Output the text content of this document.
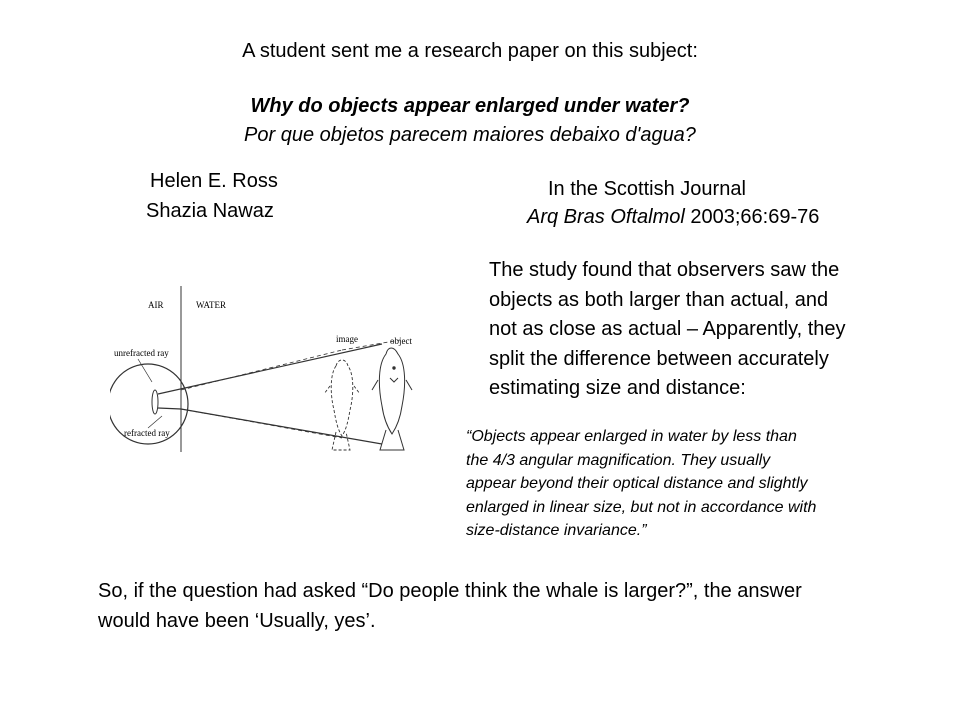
A student sent me a research paper on this subject:
Why do objects appear enlarged under water?
Por que objetos parecem maiores debaixo d'agua?
Helen E. Ross
Shazia Nawaz
In the Scottish Journal
Arq Bras Oftalmol 2003;66:69-76
AIR	WATER
unrefracted ray
refracted ray
image	object
The study found that observers saw the
objects as both larger than actual, and
not as close as actual – Apparently, they
split the difference between accurately
estimating size and distance:
“Objects appear enlarged in water by less than
the 4/3 angular magnification. They usually
appear beyond their optical distance and slightly
enlarged in linear size, but not in accordance with
size-distance invariance.”
So, if the question had asked “Do people think the whale is larger?”, the answer
would have been ‘Usually, yes’.
